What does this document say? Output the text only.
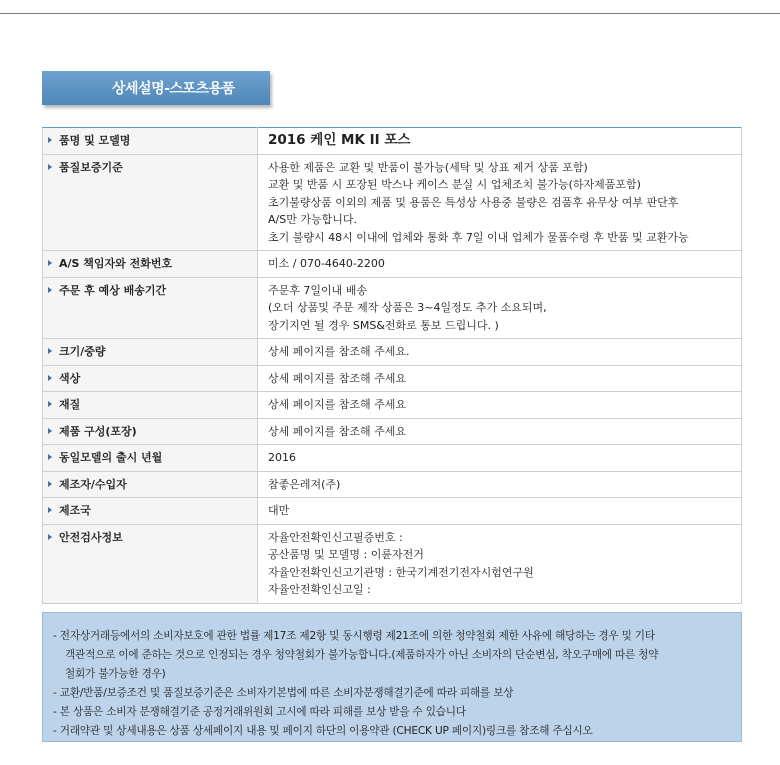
상세설명-스포츠용품
품명 및 모델명	2016 케인 MK II 포스

품질보증기준	사용한 제품은 교환 및 반품이 불가능(세탁 및 상표 제거 상품 포함)
교환 및 반품 시 포장된 박스나 케이스 분실 시 업체조치 불가능(하자제품포함)
초기불량상품 이외의 제품 및 용품은 특성상 사용중 불량은 검품후 유무상 여부 판단후
A/S만 가능합니다.
초기 불량시 48시 이내에 업체와 통화 후 7일 이내 업체가 물품수령 후 반품 및 교환가능

A/S 책임자와 전화번호	미소 / 070-4640-2200

주문 후 예상 배송기간	주문후 7일이내 배송
(오더 상품및 주문 제작 상품은 3~4일정도 추가 소요되며,
장기지연 될 경우 SMS&전화로 통보 드립니다. )

크기/중량	상세 페이지를 참조해 주세요.

색상	상세 페이지를 참조해 주세요

재질	상세 페이지를 참조해 주세요

제품 구성(포장)	상세 페이지를 참조해 주세요

동일모델의 출시 년월	2016

제조자/수입자	참좋은레져(주)

제조국	대만

안전검사정보	자율안전확인신고필증번호 :
공산품명 및 모델명 : 이륜자전거
자율안전확인신고기관명 : 한국기계전기전자시험연구원
자율안전확인신고일 :
- 전자상거래등에서의 소비자보호에 관한 법률 제17조 제2항 및 동시행령 제21조에 의한 청약철회 제한 사유에 해당하는 경우 및 기타
객관적으로 이에 준하는 것으로 인정되는 경우 청약철회가 불가능합니다.(제품하자가 아닌 소비자의 단순변심, 착오구매에 따른 청약
철회가 불가능한 경우)
- 교환/반품/보증조건 및 품질보증기준은 소비자기본법에 따른 소비자분쟁해결기준에 따라 피해를 보상
- 본 상품은 소비자 분쟁해결기준 공정거래위원회 고시에 따라 피해를 보상 받을 수 있습니다
- 거래약관 및 상세내용은 상품 상세페이지 내용 및 페이지 하단의 이용약관 (CHECK UP 페이지)링크를 참조해 주십시오
